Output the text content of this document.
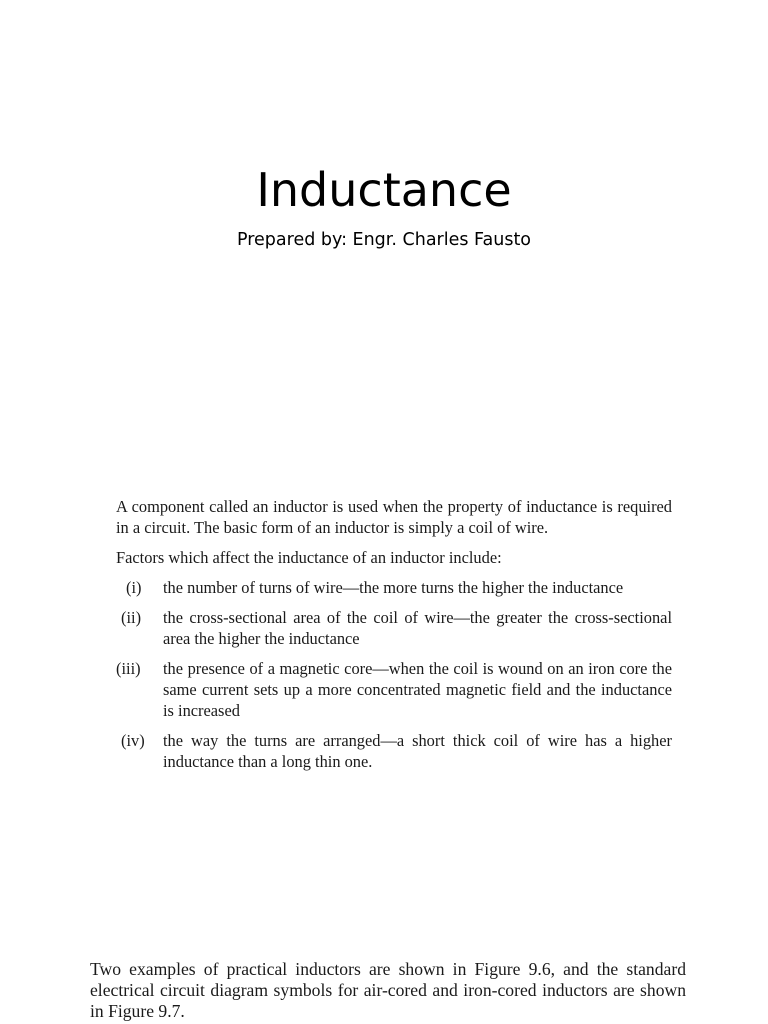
Inductance
Prepared by: Engr. Charles Fausto

A component called an inductor is used when the property of inductance is required in a circuit. The basic form of an inductor is simply a coil of wire.

Factors which affect the inductance of an inductor include:

(i)	the number of turns of wire—the more turns the higher the inductance
(ii)	the cross-sectional area of the coil of wire—the greater the cross-sectional area the higher the inductance
(iii)	the presence of a magnetic core—when the coil is wound on an iron core the same current sets up a more concentrated magnetic field and the inductance is increased
(iv)	the way the turns are arranged—a short thick coil of wire has a higher inductance than a long thin one.

Two examples of practical inductors are shown in Figure 9.6, and the standard electrical circuit diagram symbols for air-cored and iron-cored inductors are shown in Figure 9.7.
